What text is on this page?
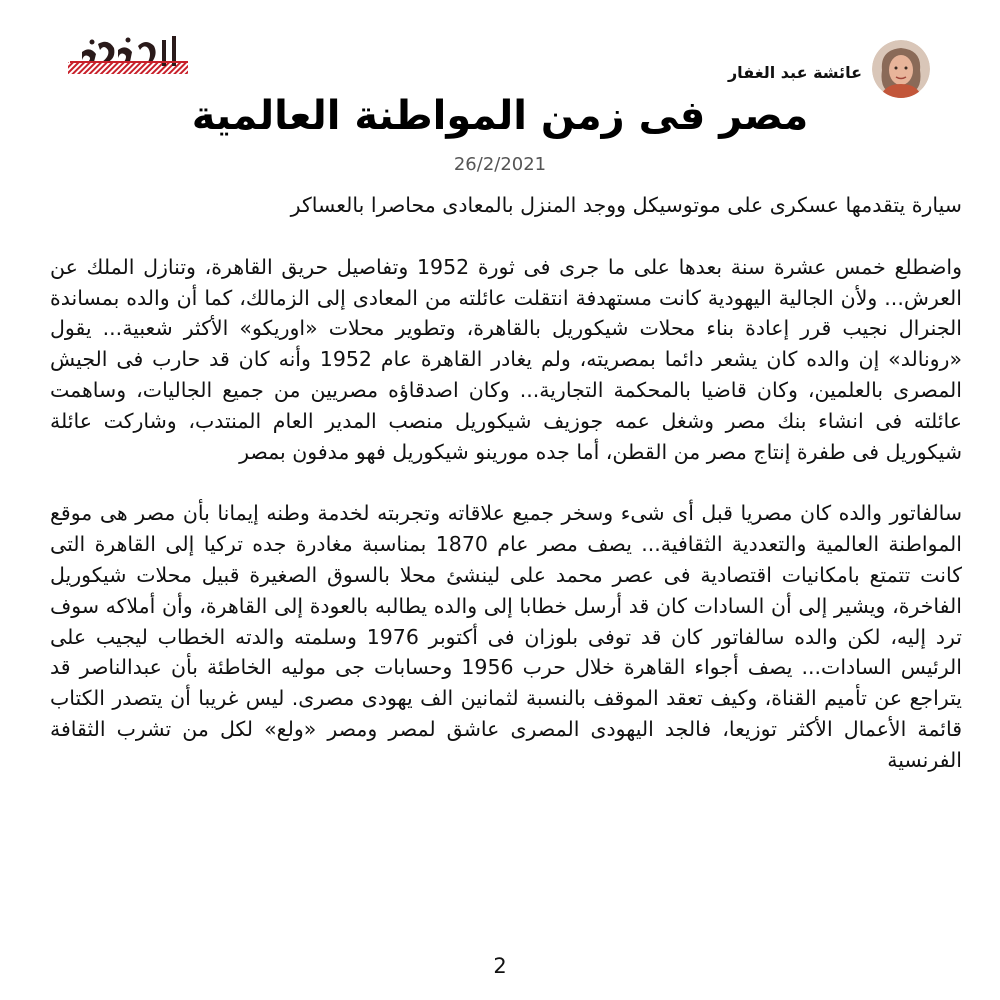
عائشة عبد الغفار
مصر فى زمن المواطنة العالمية
26/2/2021

سيارة يتقدمها عسكرى على موتوسيكل ووجد المنزل بالمعادى محاصرا بالعساكر

واضطلع خمس عشرة سنة بعدها على ما جرى فى ثورة 1952 وتفاصيل حريق القاهرة، وتنازل الملك عن العرش... ولأن الجالية اليهودية كانت مستهدفة انتقلت عائلته من المعادى إلى الزمالك، كما أن والده بمساندة الجنرال نجيب قرر إعادة بناء محلات شيكوريل بالقاهرة، وتطوير محلات «اوريكو» الأكثر شعبية... يقول «رونالد» إن والده كان يشعر دائما بمصريته، ولم يغادر القاهرة عام 1952 وأنه كان قد حارب فى الجيش المصرى بالعلمين، وكان قاضيا بالمحكمة التجارية... وكان اصدقاؤه مصريين من جميع الجاليات، وساهمت عائلته فى انشاء بنك مصر وشغل عمه جوزيف شيكوريل منصب المدير العام المنتدب، وشاركت عائلة شيكوريل فى طفرة إنتاج مصر من القطن، أما جده مورينو شيكوريل فهو مدفون بمصر

سالفاتور والده كان مصريا قبل أى شىء وسخر جميع علاقاته وتجربته لخدمة وطنه إيمانا بأن مصر هى موقع المواطنة العالمية والتعددية الثقافية... يصف مصر عام 1870 بمناسبة مغادرة جده تركيا إلى القاهرة التى كانت تتمتع بامكانيات اقتصادية فى عصر محمد على لينشئ محلا بالسوق الصغيرة قبيل محلات شيكوريل الفاخرة، ويشير إلى أن السادات كان قد أرسل خطابا إلى والده يطالبه بالعودة إلى القاهرة، وأن أملاكه سوف ترد إليه، لكن والده سالفاتور كان قد توفى بلوزان فى أكتوبر 1976 وسلمته والدته الخطاب ليجيب على الرئيس السادات... يصف أجواء القاهرة خلال حرب 1956 وحسابات جى موليه الخاطئة بأن عبدالناصر قد يتراجع عن تأميم القناة، وكيف تعقد الموقف بالنسبة لثمانين الف يهودى مصرى. ليس غريبا أن يتصدر الكتاب قائمة الأعمال الأكثر توزيعا، فالجد اليهودى المصرى عاشق لمصر ومصر «ولع» لكل من تشرب الثقافة الفرنسية

2
